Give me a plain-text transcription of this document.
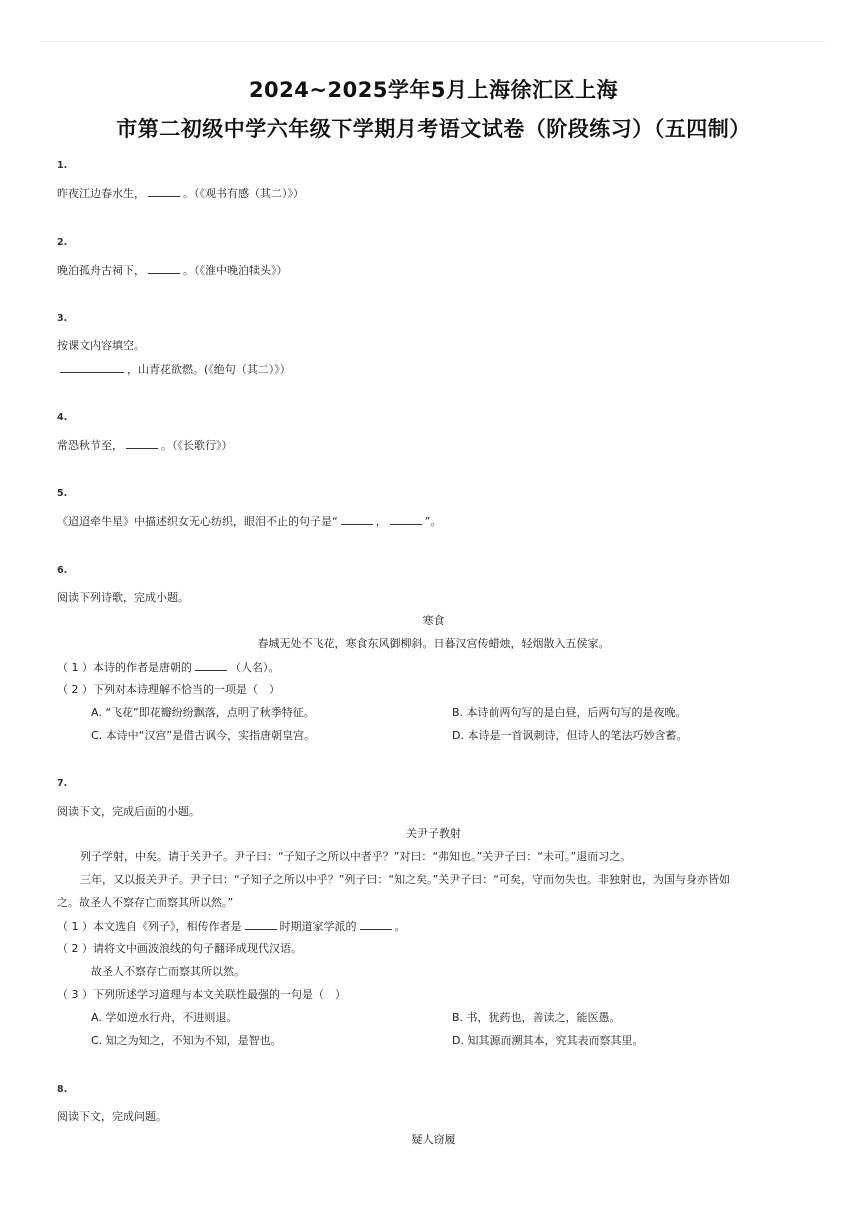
2024~2025学年5月上海徐汇区上海
市第二初级中学六年级下学期月考语文试卷（阶段练习）（五四制）
1.
昨夜江边春水生，	。（《观书有感（其二）》）
2.
晚泊孤舟古祠下，	。（《淮中晚泊犊头》）
3.
按课文内容填空。
，山青花欲燃。(《绝句（其二）》）
4.
常恐秋节至，	。（《长歌行》）
5.
《迢迢牵牛星》中描述织女无心纺织，眼泪不止的句子是“	，	”。
6.
阅读下列诗歌，完成小题。
寒食
春城无处不飞花，寒食东风御柳斜。日暮汉宫传蜡烛，轻烟散入五侯家。
（ 1 ）本诗的作者是唐朝的	（人名）。
（ 2 ）下列对本诗理解不恰当的一项是（　）
A. “飞花”即花瓣纷纷飘落，点明了秋季特征。	B. 本诗前两句写的是白昼，后两句写的是夜晚。
C. 本诗中“汉宫”是借古讽今，实指唐朝皇宫。	D. 本诗是一首讽刺诗，但诗人的笔法巧妙含蓄。
7.
阅读下文，完成后面的小题。
关尹子教射
列子学射，中矣。请于关尹子。尹子曰：“子知子之所以中者乎？”对曰：“弗知也。”关尹子曰：“未可。”退而习之。
三年，又以报关尹子。尹子曰：“子知子之所以中乎？”列子曰：“知之矣。”关尹子曰：“可矣，守而勿失也。非独射也，为国与身亦皆如
之。故圣人不察存亡而察其所以然。”
（ 1 ）本文选自《列子》，相传作者是	时期道家学派的	。
（ 2 ）请将文中画波浪线的句子翻译成现代汉语。
故圣人不察存亡而察其所以然。
（ 3 ）下列所述学习道理与本文关联性最强的一句是（　）
A. 学如逆水行舟，不进则退。	B. 书，犹药也，善读之，能医愚。
C. 知之为知之，不知为不知，是智也。	D. 知其源而溯其本，究其表而察其里。
8.
阅读下文，完成问题。
疑人窃履
